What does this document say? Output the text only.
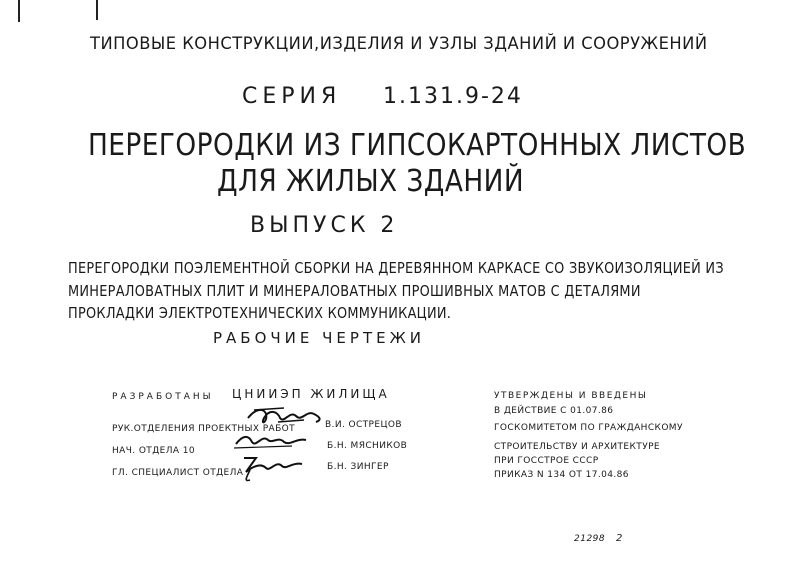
ТИПОВЫЕ КОНСТРУКЦИИ,ИЗДЕЛИЯ И УЗЛЫ ЗДАНИЙ И СООРУЖЕНИЙ
СЕРИЯ 1.131.9-24
ПЕРЕГОРОДКИ ИЗ ГИПСОКАРТОННЫХ ЛИСТОВ
ДЛЯ ЖИЛЫХ ЗДАНИЙ
ВЫПУСК 2
ПЕРЕГОРОДКИ ПОЭЛЕМЕНТНОЙ СБОРКИ НА ДЕРЕВЯННОМ КАРКАСЕ СО ЗВУКОИЗОЛЯЦИЕЙ ИЗ
МИНЕРАЛОВАТНЫХ ПЛИТ И МИНЕРАЛОВАТНЫХ ПРОШИВНЫХ МАТОВ С ДЕТАЛЯМИ
ПРОКЛАДКИ ЭЛЕКТРОТЕХНИЧЕСКИХ КОММУНИКАЦИИ.
РАБОЧИЕ ЧЕРТЕЖИ
РАЗРАБОТАНЫ ЦНИИЭП ЖИЛИЩА
РУК.ОТДЕЛЕНИЯ ПРОЕКТНЫХ РАБОТ	В.И. ОСТРЕЦОВ
НАЧ. ОТДЕЛА 10	Б.Н. МЯСНИКОВ
ГЛ. СПЕЦИАЛИСТ ОТДЕЛА
Б.Н. ЗИНГЕР
УТВЕРЖДЕНЫ И ВВЕДЕНЫ
В ДЕЙСТВИЕ С 01.07.86
ГОСКОМИТЕТОМ ПО ГРАЖДАНСКОМУ
СТРОИТЕЛЬСТВУ И АРХИТЕКТУРЕ
ПРИ ГОССТРОЕ СССР
ПРИКАЗ N 134 ОТ 17.04.86
21298 2
